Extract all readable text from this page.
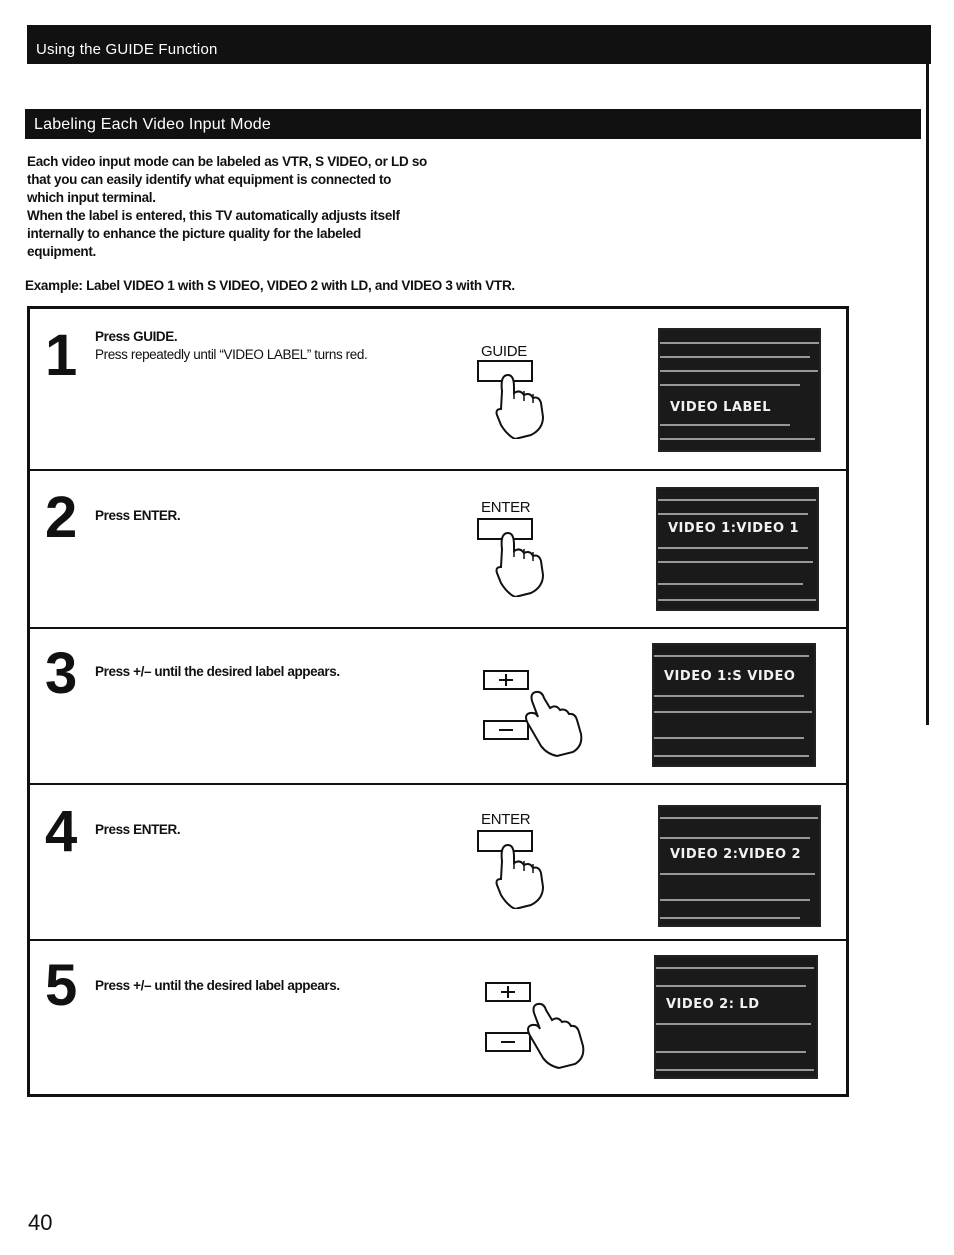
Using the GUIDE Function
Labeling Each Video Input Mode

Each video input mode can be labeled as VTR, S VIDEO, or LD so that you can easily identify what equipment is connected to which input terminal.

When the label is entered, this TV automatically adjusts itself internally to enhance the picture quality for the labeled equipment.

Example: Label VIDEO 1 with S VIDEO, VIDEO 2 with LD, and VIDEO 3 with VTR.
1 Press GUIDE.
Press repeatedly until “VIDEO LABEL” turns red.	GUIDE
VIDEO LABEL
2 Press ENTER.	ENTER
VIDEO 1:VIDEO 1
3 Press +/– until the desired label appears.	VIDEO 1:S VIDEO
4 Press ENTER.
ENTER
VIDEO 2:VIDEO 2
5 Press +/– until the desired label appears.
VIDEO 2: LD
40
